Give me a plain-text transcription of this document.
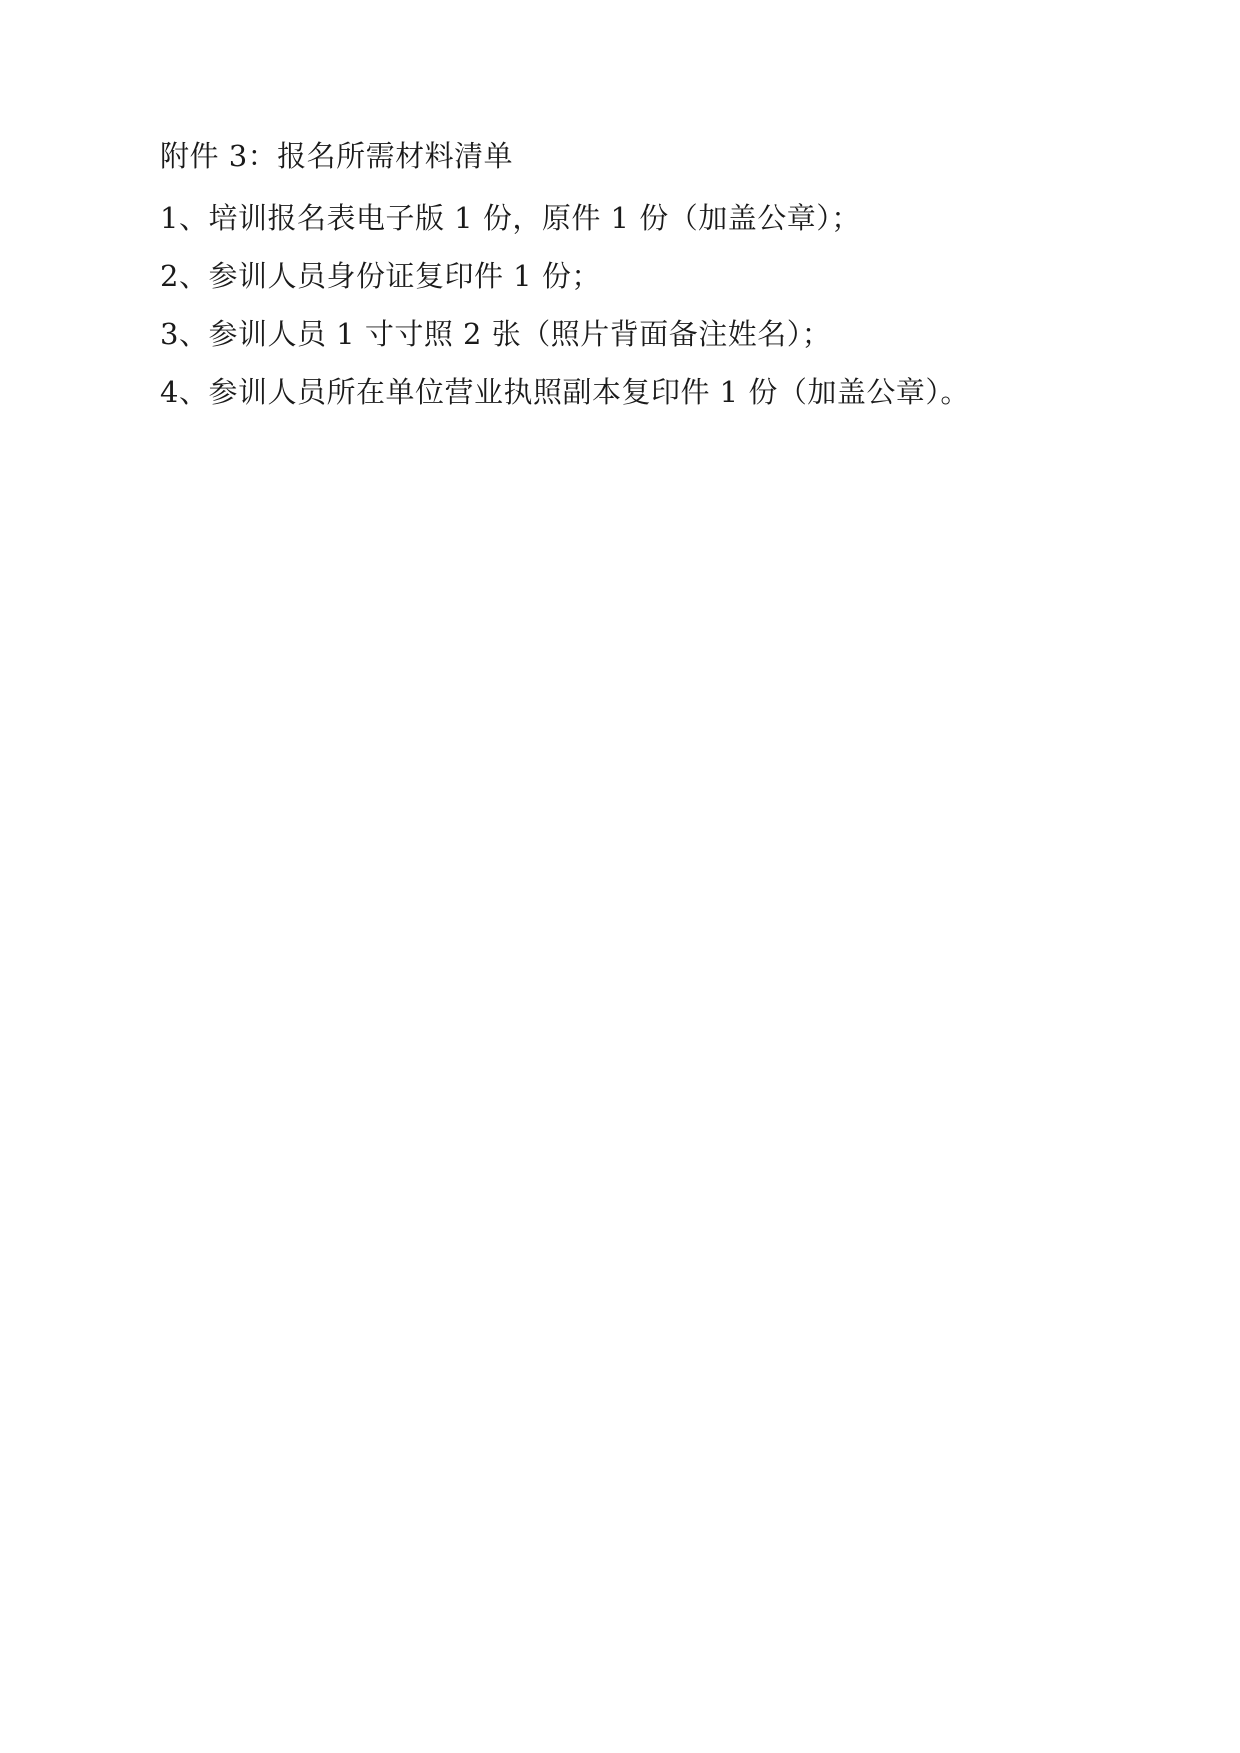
附件 3：报名所需材料清单

1、培训报名表电子版 1 份，原件 1 份（加盖公章）；

2、参训人员身份证复印件 1 份；

3、参训人员 1 寸寸照 2 张（照片背面备注姓名）；

4、参训人员所在单位营业执照副本复印件 1 份（加盖公章）。
